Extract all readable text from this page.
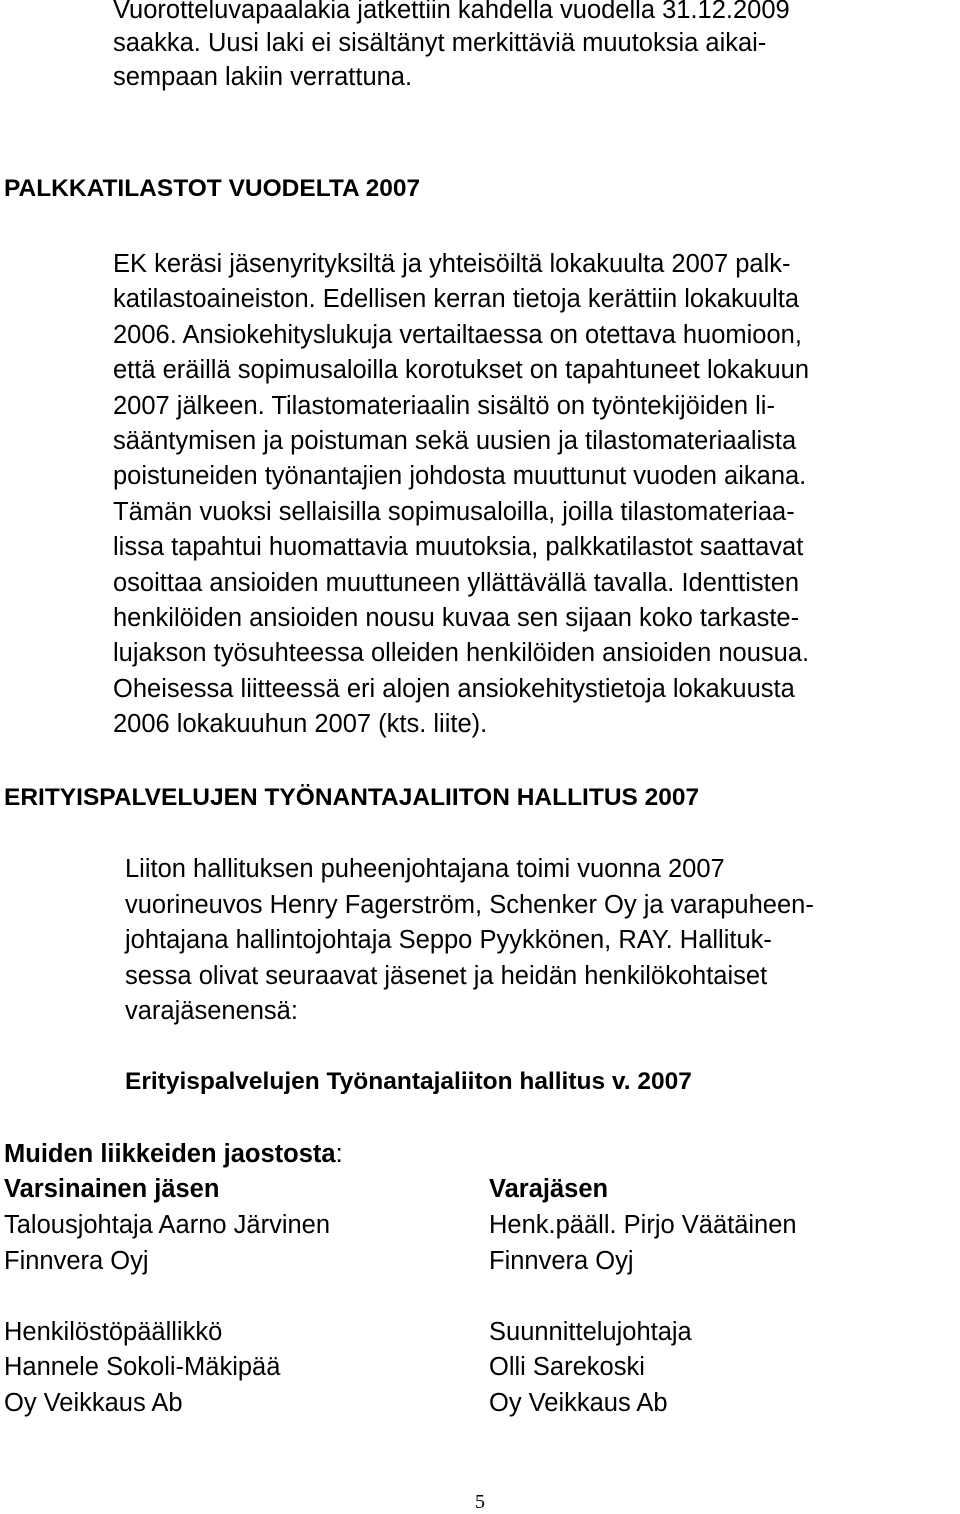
Vuorotteluvapaalakia jatkettiin kahdella vuodella 31.12.2009

saakka. Uusi laki ei sisältänyt merkittäviä muutoksia aikai-

sempaan lakiin verrattuna.

PALKKATILASTOT VUODELTA 2007

EK keräsi jäsenyrityksiltä ja yhteisöiltä lokakuulta 2007 palk-

katilastoaineiston. Edellisen kerran tietoja kerättiin lokakuulta

2006. Ansiokehityslukuja vertailtaessa on otettava huomioon,

että eräillä sopimusaloilla korotukset on tapahtuneet lokakuun

2007 jälkeen. Tilastomateriaalin sisältö on työntekijöiden li-

sääntymisen ja poistuman sekä uusien ja tilastomateriaalista

poistuneiden työnantajien johdosta muuttunut vuoden aikana.

Tämän vuoksi sellaisilla sopimusaloilla, joilla tilastomateriaa-

lissa tapahtui huomattavia muutoksia, palkkatilastot saattavat

osoittaa ansioiden muuttuneen yllättävällä tavalla. Identtisten

henkilöiden ansioiden nousu kuvaa sen sijaan koko tarkaste-

lujakson työsuhteessa olleiden henkilöiden ansioiden nousua.

Oheisessa liitteessä eri alojen ansiokehitystietoja lokakuusta

2006 lokakuuhun 2007 (kts. liite).

ERITYISPALVELUJEN TYÖNANTAJALIITON HALLITUS 2007

Liiton hallituksen puheenjohtajana toimi vuonna 2007

vuorineuvos Henry Fagerström, Schenker Oy ja varapuheen-

johtajana hallintojohtaja Seppo Pyykkönen, RAY. Hallituk-

sessa olivat seuraavat jäsenet ja heidän henkilökohtaiset

varajäsenensä:

Erityispalvelujen Työnantajaliiton hallitus v. 2007

Muiden liikkeiden jaostosta:

Varsinainen jäsen	Varajäsen

Talousjohtaja Aarno Järvinen

Finnvera Oyj

Henk.pääll. Pirjo Väätäinen

Finnvera Oyj

Henkilöstöpäällikkö

Hannele Sokoli-Mäkipää

Oy Veikkaus Ab

Suunnittelujohtaja

Olli Sarekoski

Oy Veikkaus Ab

5
